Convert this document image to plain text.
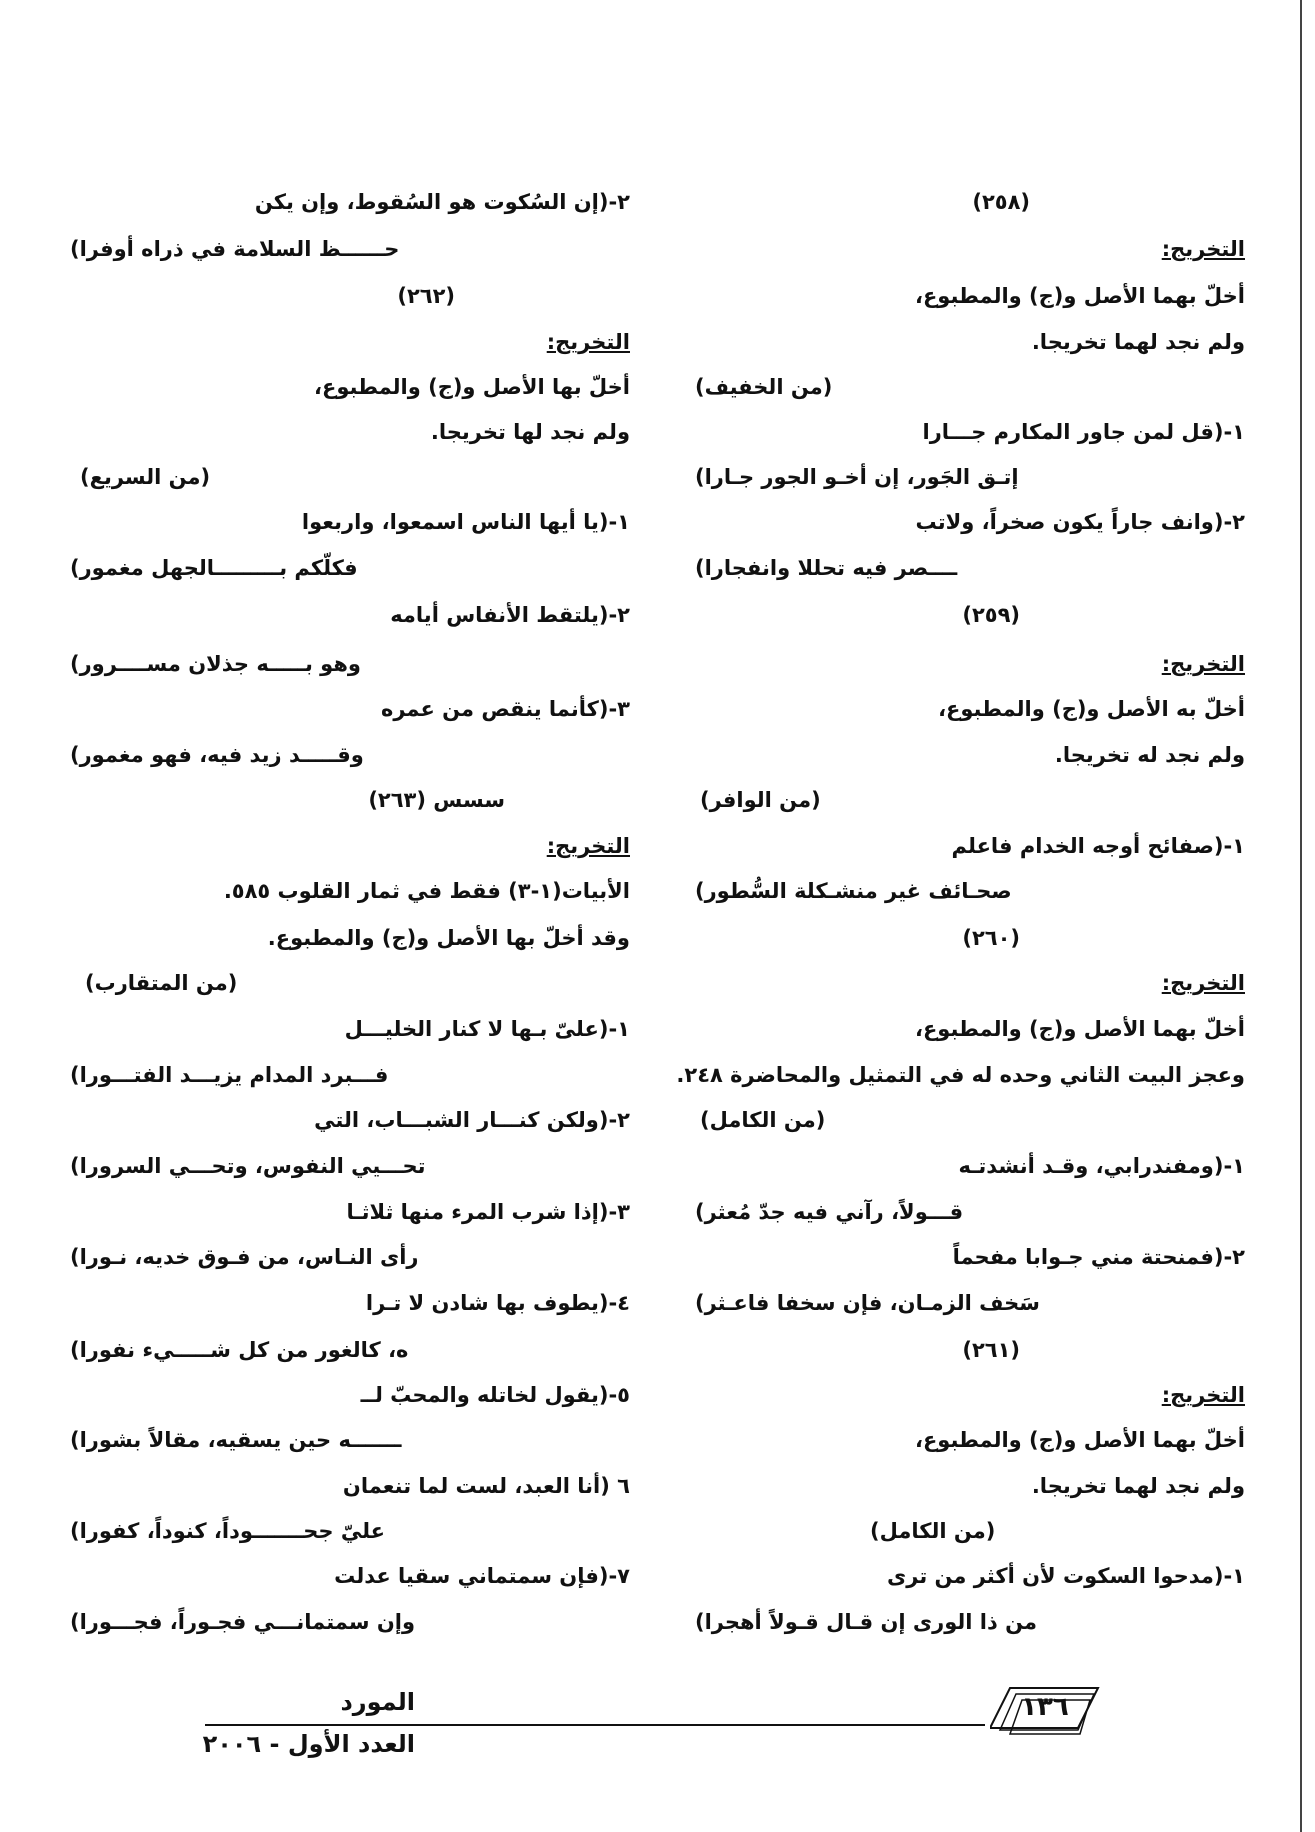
(٢٥٨)
التخريج:
أخلّ بهما الأصل و(ج) والمطبوع،
ولم نجد لهما تخريجا.
(من الخفيف)
١-(قل لمن جاور المكارم جـــارا
إتـق الجَور، إن أخـو الجور جـارا)
٢-(وانف جاراً يكون صخراً، ولاتب
ــــصر فيه تحللا وانفجارا)
(٢٥٩)
التخريج:
أخلّ به الأصل و(ج) والمطبوع،
ولم نجد له تخريجا.
(من الوافر)
١-(صفائح أوجه الخدام فاعلم
صحـائف غير منشـكلة السُّطور)
(٢٦٠)
التخريج:
أخلّ بهما الأصل و(ج) والمطبوع،
وعجز البيت الثاني وحده له في التمثيل والمحاضرة ٢٤٨.
(من الكامل)
١-(ومفندرابي، وقـد أنشدتـه
قـــولاً، رآني فيه جدّ مُعثر)
٢-(فمنحتة مني جـوابا مفحماً
سَخف الزمـان، فإن سخفا فاعـثر)
(٢٦١)
التخريج:
أخلّ بهما الأصل و(ج) والمطبوع،
ولم نجد لهما تخريجا.
(من الكامل)
١-(مدحوا السكوت لأن أكثر من ترى
من ذا الورى إن قـال قـولاً أهجرا)
٢-(إن السُكوت هو السُقوط، وإن يكن
حــــــظ السلامة في ذراه أوفرا)
(٢٦٢)
التخريج:
أخلّ بها الأصل و(ج) والمطبوع،
ولم نجد لها تخريجا.
(من السريع)
١-(يا أيها الناس اسمعوا، واربعوا
فكلّكم بـــــــــالجهل مغمور)
٢-(يلتقط الأنفاس أيامه
وهو بـــــه جذلان مســــرور)
٣-(كأنما ينقص من عمره
وقـــــد زيد فيه، فهو مغمور)
سسس (٢٦٣)
التخريج:
الأبيات(١-٣) فقط في ثمار القلوب ٥٨٥.
وقد أخلّ بها الأصل و(ج) والمطبوع.
(من المتقارب)
١-(علىّ بـها لا كنار الخليـــل
فـــبرد المدام يزيـــد الفتـــورا)
٢-(ولكن كنـــار الشبـــاب، التي
تحـــيي النفوس، وتحـــي السرورا)
٣-(إذا شرب المرء منها ثلاثـا
رأى النـاس، من فـوق خديه، نـورا)
٤-(يطوف بها شادن لا تـرا
ه، كالغور من كل شـــــيء نفورا)
٥-(يقول لخاتله والمحبّ لــ
ـــــــه حين يسقيه، مقالاً بشورا)
٦ (أنا العبد، لست لما تنعمان
عليّ جحـــــــوداً، كنوداً، كفورا)
٧-(فإن سمتماني سقيا عدلت
وإن سمتمانـــي فجـوراً، فجـــورا)
١٣٦
المورد
العدد الأول - ٢٠٠٦
